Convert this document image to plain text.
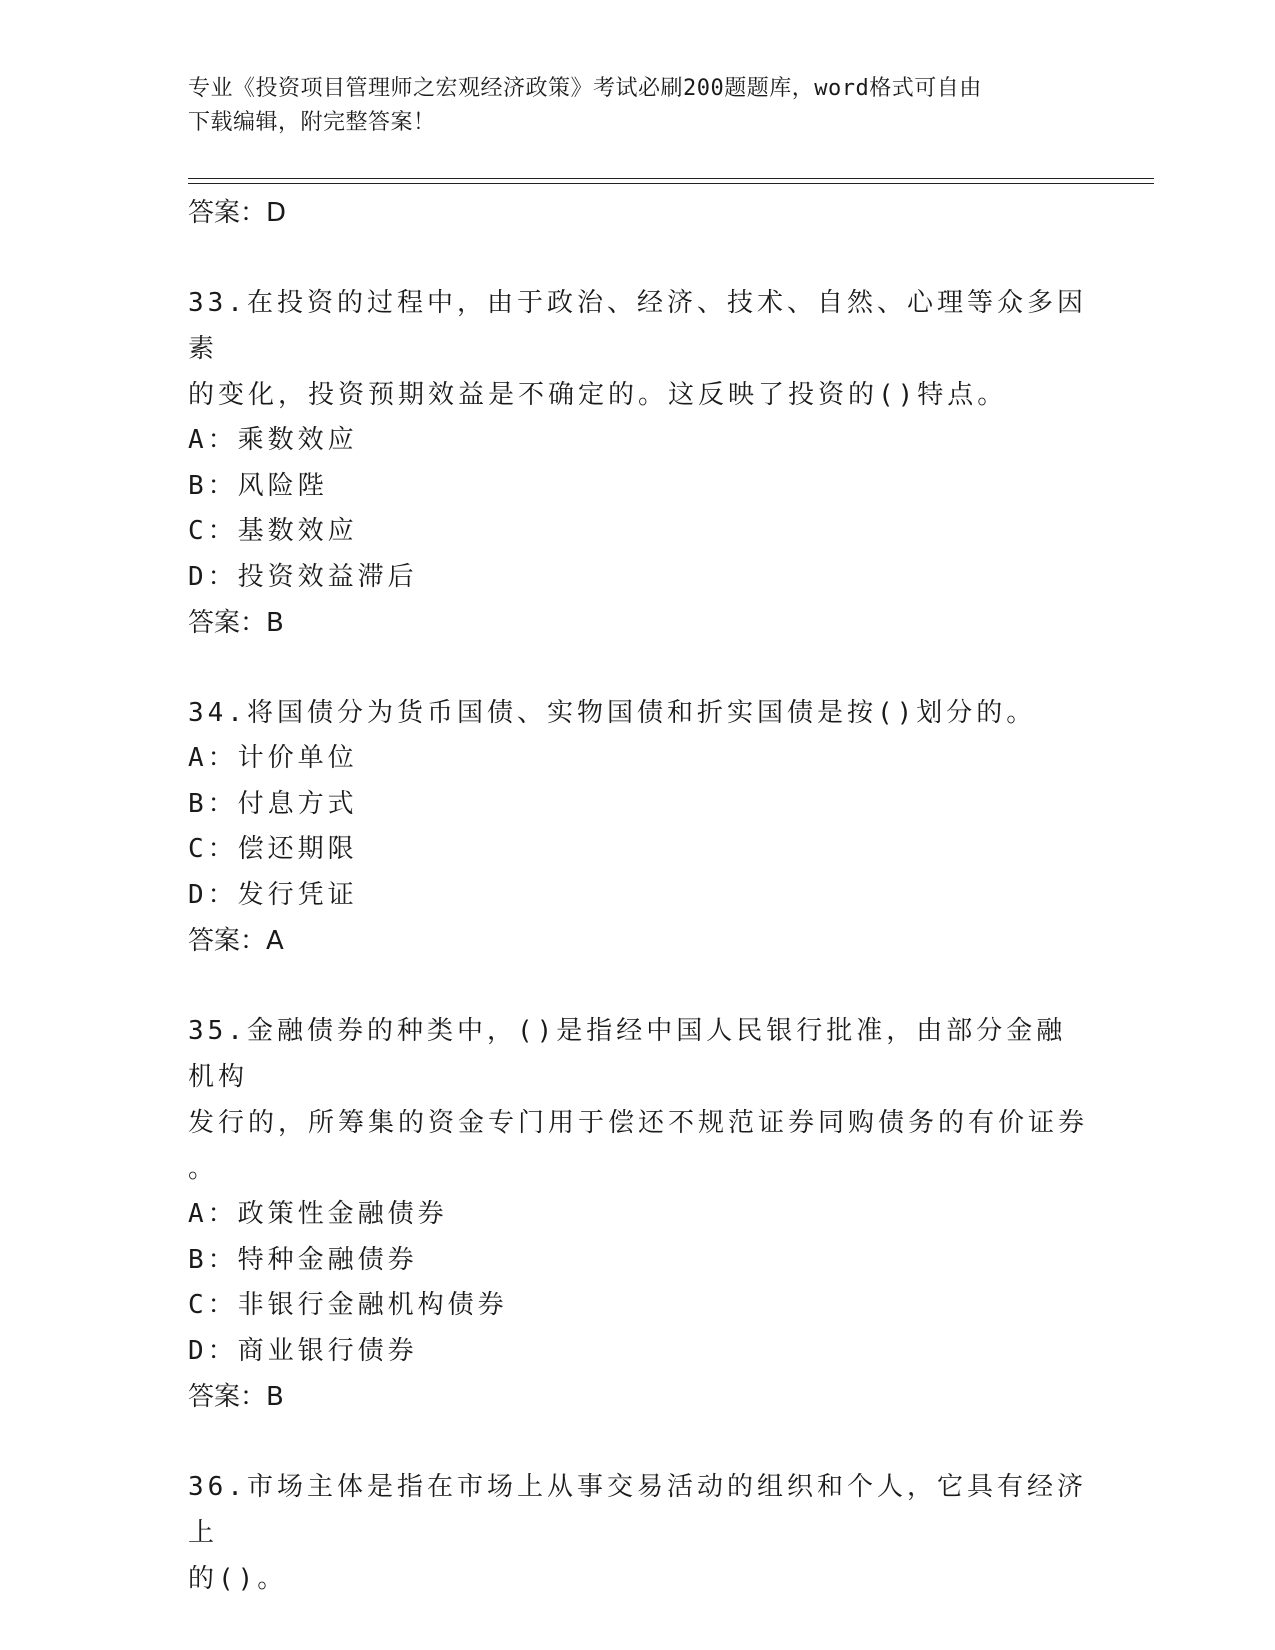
专业《投资项目管理师之宏观经济政策》考试必刷200题题库，word格式可自由
下载编辑，附完整答案！
答案：D
33.在投资的过程中，由于政治、经济、技术、自然、心理等众多因素
的变化，投资预期效益是不确定的。这反映了投资的()特点。
A：乘数效应
B：风险陛
C：基数效应
D：投资效益滞后
答案：B
34.将国债分为货币国债、实物国债和折实国债是按()划分的。
A：计价单位
B：付息方式
C：偿还期限
D：发行凭证
答案：A
35.金融债券的种类中，()是指经中国人民银行批准，由部分金融机构
发行的，所筹集的资金专门用于偿还不规范证券同购债务的有价证券
。
A：政策性金融债券
B：特种金融债券
C：非银行金融机构债券
D：商业银行债券
答案：B
36.市场主体是指在市场上从事交易活动的组织和个人，它具有经济上
的()。
